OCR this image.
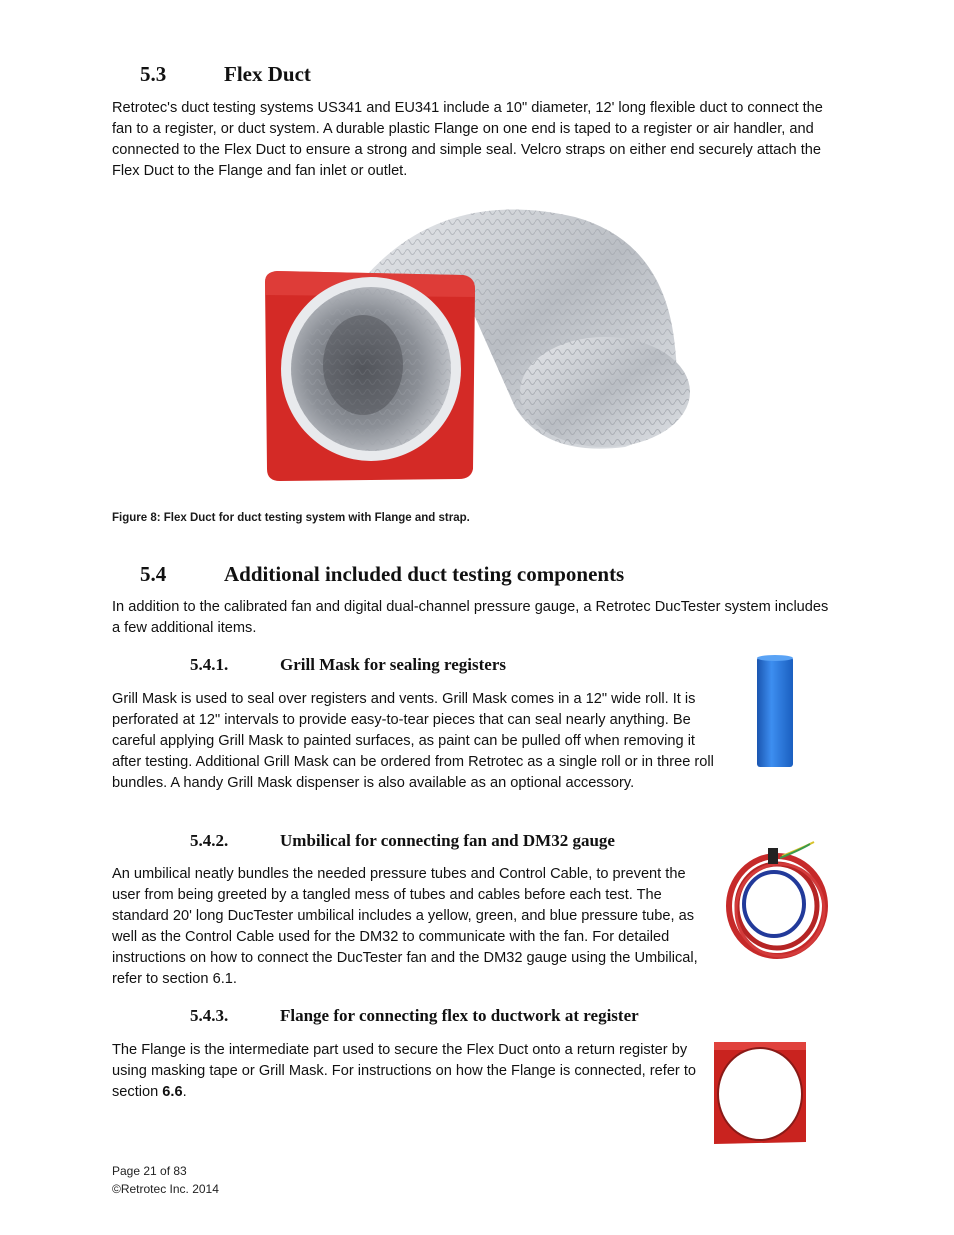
5.3	Flex Duct
Retrotec's duct testing systems US341 and EU341 include a 10" diameter, 12' long flexible duct to connect the fan to a register, or duct system. A durable plastic Flange on one end is taped to a register or air handler, and connected to the Flex Duct to ensure a strong and simple seal. Velcro straps on either end securely attach the Flex Duct to the Flange and fan inlet or outlet.
Figure 8: Flex Duct for duct testing system with Flange and strap.
5.4	Additional included duct testing components
In addition to the calibrated fan and digital dual-channel pressure gauge, a Retrotec DucTester system includes a few additional items.
5.4.1.	Grill Mask for sealing registers
Grill Mask is used to seal over registers and vents. Grill Mask comes in a 12" wide roll. It is perforated at 12" intervals to provide easy-to-tear pieces that can seal nearly anything. Be careful applying Grill Mask to painted surfaces, as paint can be pulled off when removing it after testing. Additional Grill Mask can be ordered from Retrotec as a single roll or in three roll bundles. A handy Grill Mask dispenser is also available as an optional accessory.
5.4.2.	Umbilical for connecting fan and DM32 gauge
An umbilical neatly bundles the needed pressure tubes and Control Cable, to prevent the user from being greeted by a tangled mess of tubes and cables before each test. The standard 20' long DucTester umbilical includes a yellow, green, and blue pressure tube, as well as the Control Cable used for the DM32 to communicate with the fan. For detailed instructions on how to connect the DucTester fan and the DM32 gauge using the Umbilical, refer to section 6.1.
5.4.3.	Flange for connecting flex to ductwork at register
The Flange is the intermediate part used to secure the Flex Duct onto a return register by using masking tape or Grill Mask. For instructions on how the Flange is connected, refer to section 6.6.
Page 21 of 83
©Retrotec Inc. 2014
